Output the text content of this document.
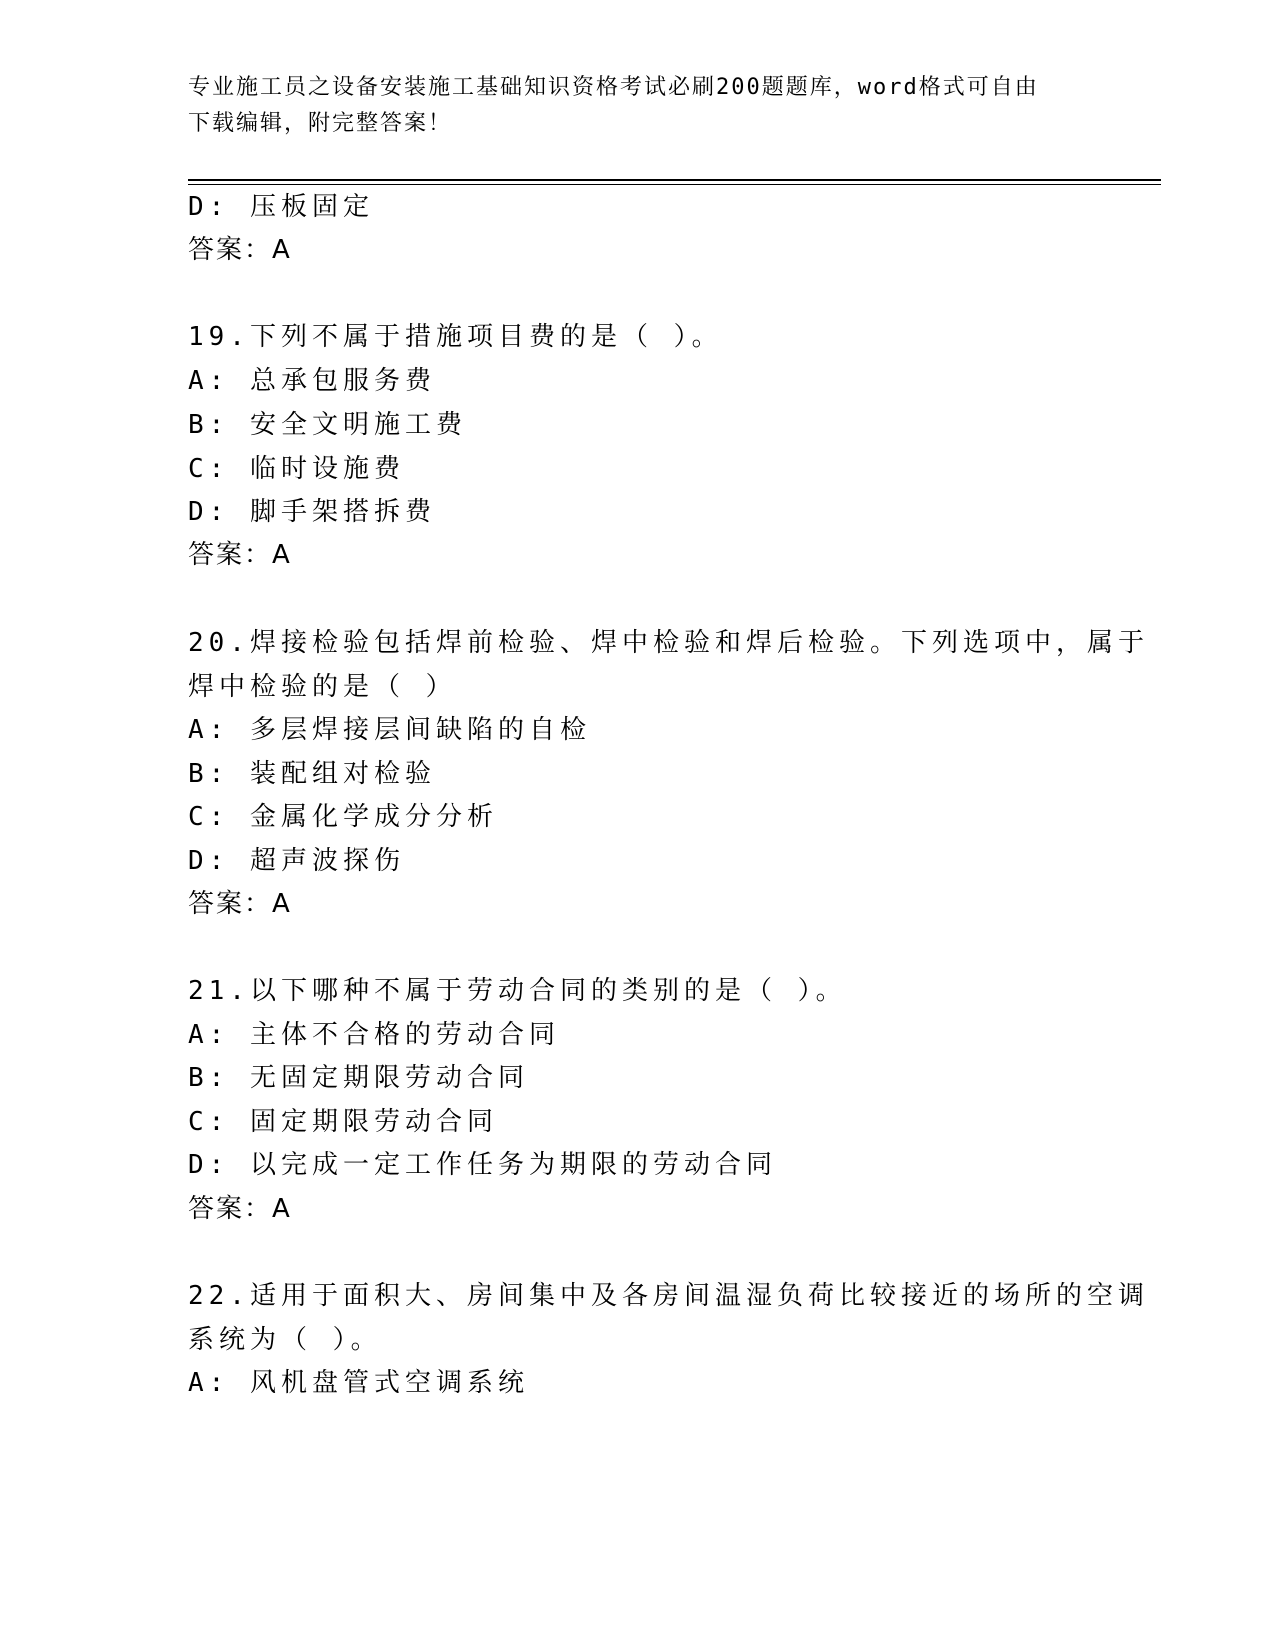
专业施工员之设备安装施工基础知识资格考试必刷200题题库，word格式可自由
下载编辑，附完整答案！
D: 压板固定
答案：A
19.下列不属于措施项目费的是（ ）。
A: 总承包服务费
B: 安全文明施工费
C: 临时设施费
D: 脚手架搭拆费
答案：A
20.焊接检验包括焊前检验、焊中检验和焊后检验。下列选项中，属于
焊中检验的是（ ）
A: 多层焊接层间缺陷的自检
B: 装配组对检验
C: 金属化学成分分析
D: 超声波探伤
答案：A
21.以下哪种不属于劳动合同的类别的是（ ）。
A: 主体不合格的劳动合同
B: 无固定期限劳动合同
C: 固定期限劳动合同
D: 以完成一定工作任务为期限的劳动合同
答案：A
22.适用于面积大、房间集中及各房间温湿负荷比较接近的场所的空调
系统为（ ）。
A: 风机盘管式空调系统
